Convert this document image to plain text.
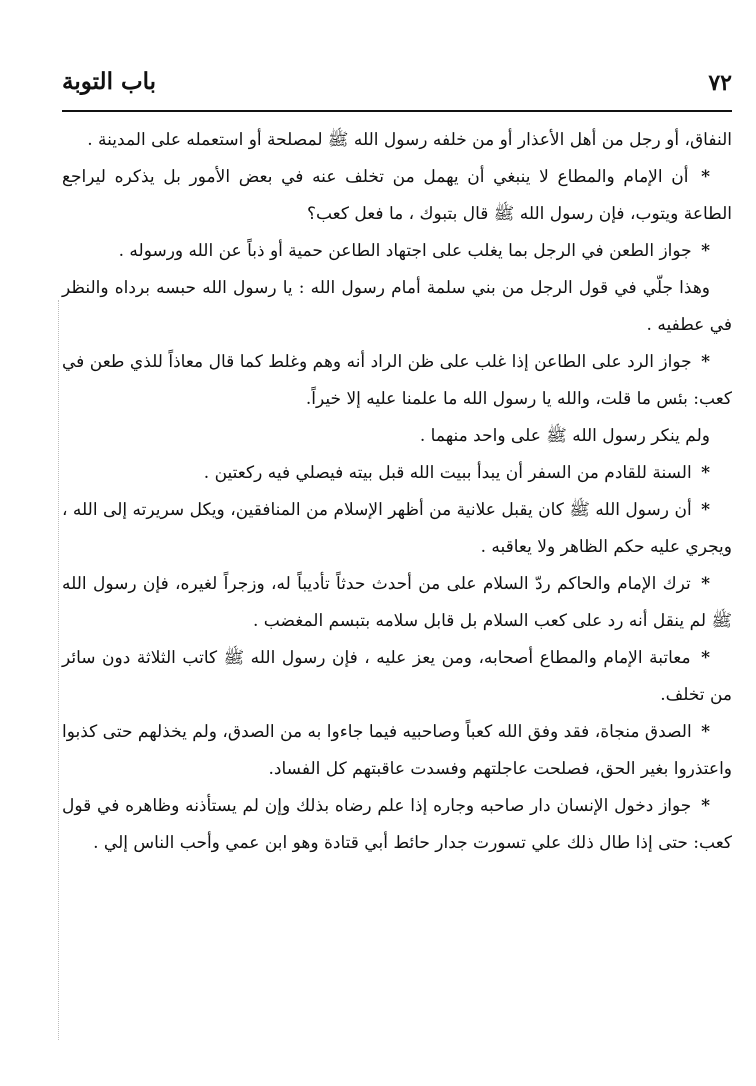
٧٢
باب التوبة

النفاق، أو رجل من أهل الأعذار أو من خلفه رسول الله ﷺ لمصلحة أو استعمله على المدينة .

* أن الإمام والمطاع لا ينبغي أن يهمل من تخلف عنه في بعض الأمور بل يذكره ليراجع الطاعة ويتوب، فإن رسول الله ﷺ قال بتبوك ، ما فعل كعب؟

* جواز الطعن في الرجل بما يغلب على اجتهاد الطاعن حمية أو ذباً عن الله ورسوله .

وهذا جلّي في قول الرجل من بني سلمة أمام رسول الله : يا رسول الله حبسه برداه والنظر في عطفيه .

* جواز الرد على الطاعن إذا غلب على ظن الراد أنه وهم وغلط كما قال معاذاً للذي طعن في كعب: بئس ما قلت، والله يا رسول الله ما علمنا عليه إلا خيراً.

ولم ينكر رسول الله ﷺ على واحد منهما .

* السنة للقادم من السفر أن يبدأ ببيت الله قبل بيته فيصلي فيه ركعتين .

* أن رسول الله ﷺ كان يقبل علانية من أظهر الإسلام من المنافقين، ويكل سريرته إلى الله ، ويجري عليه حكم الظاهر ولا يعاقبه .

* ترك الإمام والحاكم ردّ السلام على من أحدث حدثاً تأديباً له، وزجراً لغيره، فإن رسول الله ﷺ لم ينقل أنه رد على كعب السلام بل قابل سلامه بتبسم المغضب .

* معاتبة الإمام والمطاع أصحابه، ومن يعز عليه ، فإن رسول الله ﷺ كاتب الثلاثة دون سائر من تخلف.

* الصدق منجاة، فقد وفق الله كعباً وصاحبيه فيما جاءوا به من الصدق، ولم يخذلهم حتى كذبوا واعتذروا بغير الحق، فصلحت عاجلتهم وفسدت عاقبتهم كل الفساد.

* جواز دخول الإنسان دار صاحبه وجاره إذا علم رضاه بذلك وإن لم يستأذنه وظاهره في قول كعب: حتى إذا طال ذلك علي تسورت جدار حائط أبي قتادة وهو ابن عمي وأحب الناس إلي .
